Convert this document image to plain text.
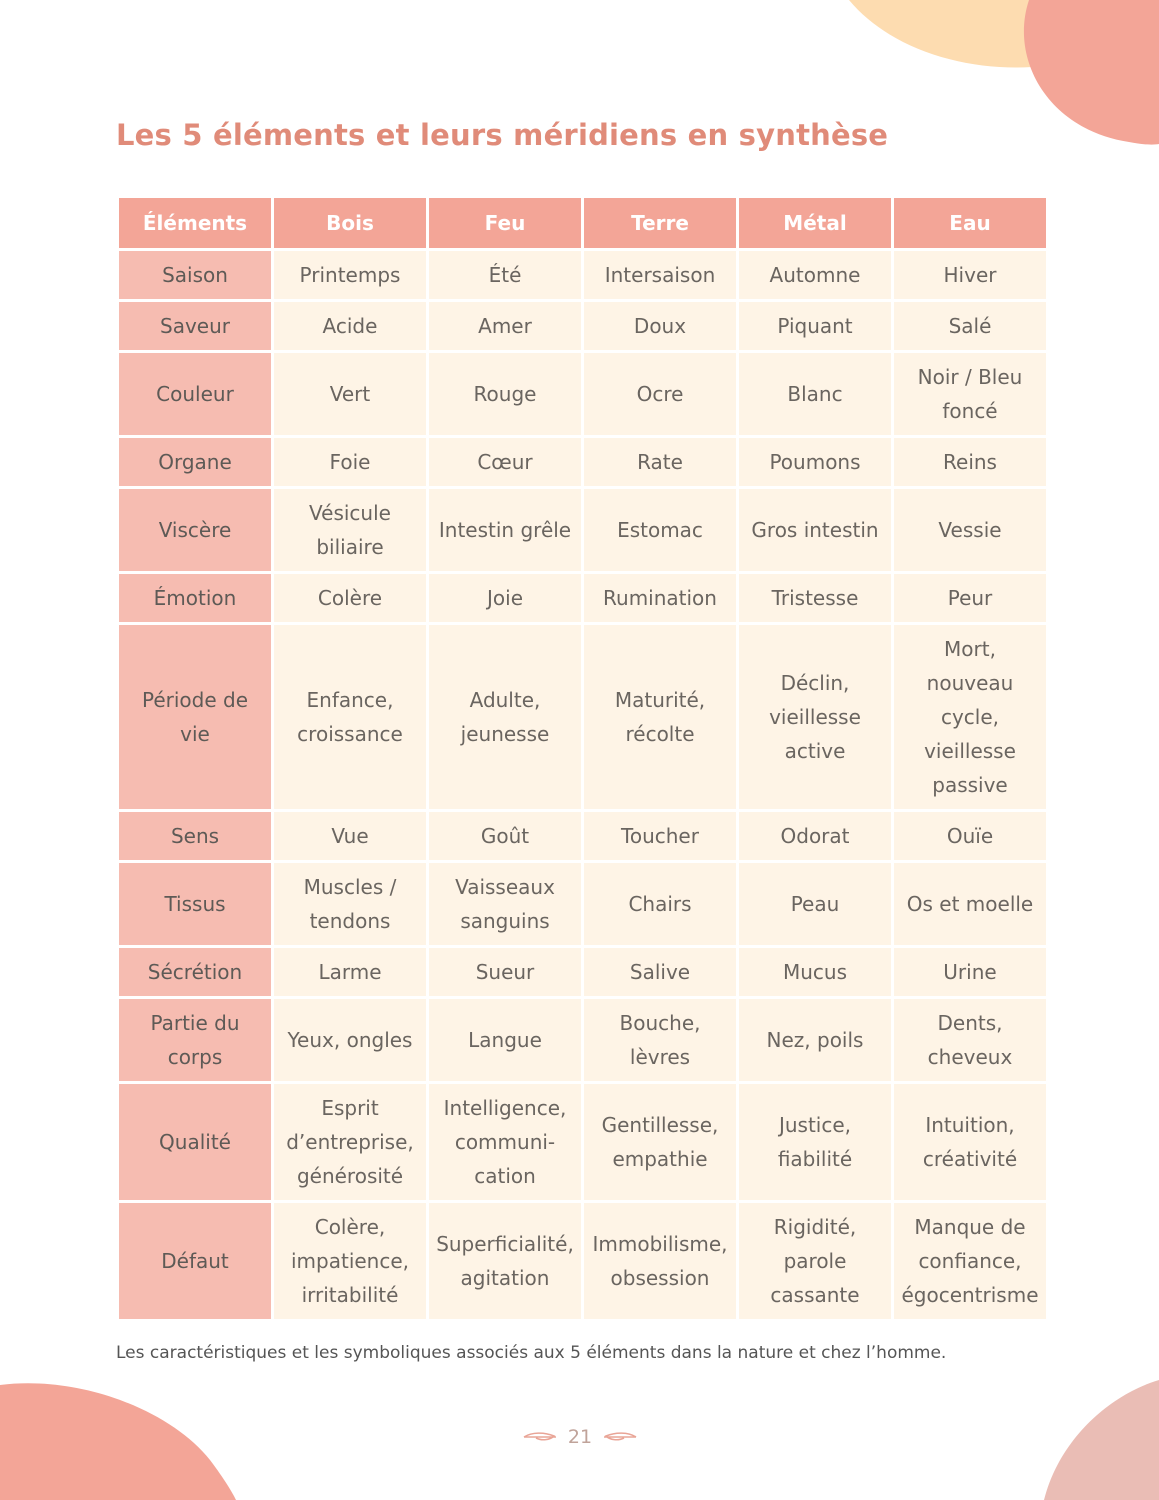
Les 5 éléments et leurs méridiens en synthèse
Éléments	Bois	Feu	Terre	Métal	Eau
Saison	Printemps	Été	Intersaison	Automne	Hiver
Saveur	Acide	Amer	Doux	Piquant	Salé
Couleur	Vert	Rouge	Ocre	Blanc	Noir / Bleu foncé
Organe	Foie	Cœur	Rate	Poumons	Reins
Viscère	Vésicule biliaire	Intestin grêle	Estomac	Gros intestin	Vessie
Émotion	Colère	Joie	Rumination	Tristesse	Peur
Période de vie	Enfance, croissance	Adulte, jeunesse	Maturité, récolte	Déclin, vieillesse active	Mort, nouveau cycle, vieillesse passive
Sens	Vue	Goût	Toucher	Odorat	Ouïe
Tissus	Muscles / tendons	Vaisseaux sanguins	Chairs	Peau	Os et moelle
Sécrétion	Larme	Sueur	Salive	Mucus	Urine
Partie du corps	Yeux, ongles	Langue	Bouche, lèvres	Nez, poils	Dents, cheveux
Qualité	Esprit d’entreprise, générosité	Intelligence, communi-cation	Gentillesse, empathie	Justice, fiabilité	Intuition, créativité
Défaut	Colère, impatience, irritabilité	Superficialité, agitation	Immobilisme, obsession	Rigidité, parole cassante	Manque de confiance, égocentrisme

Les caractéristiques et les symboliques associés aux 5 éléments dans la nature et chez l’homme.

21
